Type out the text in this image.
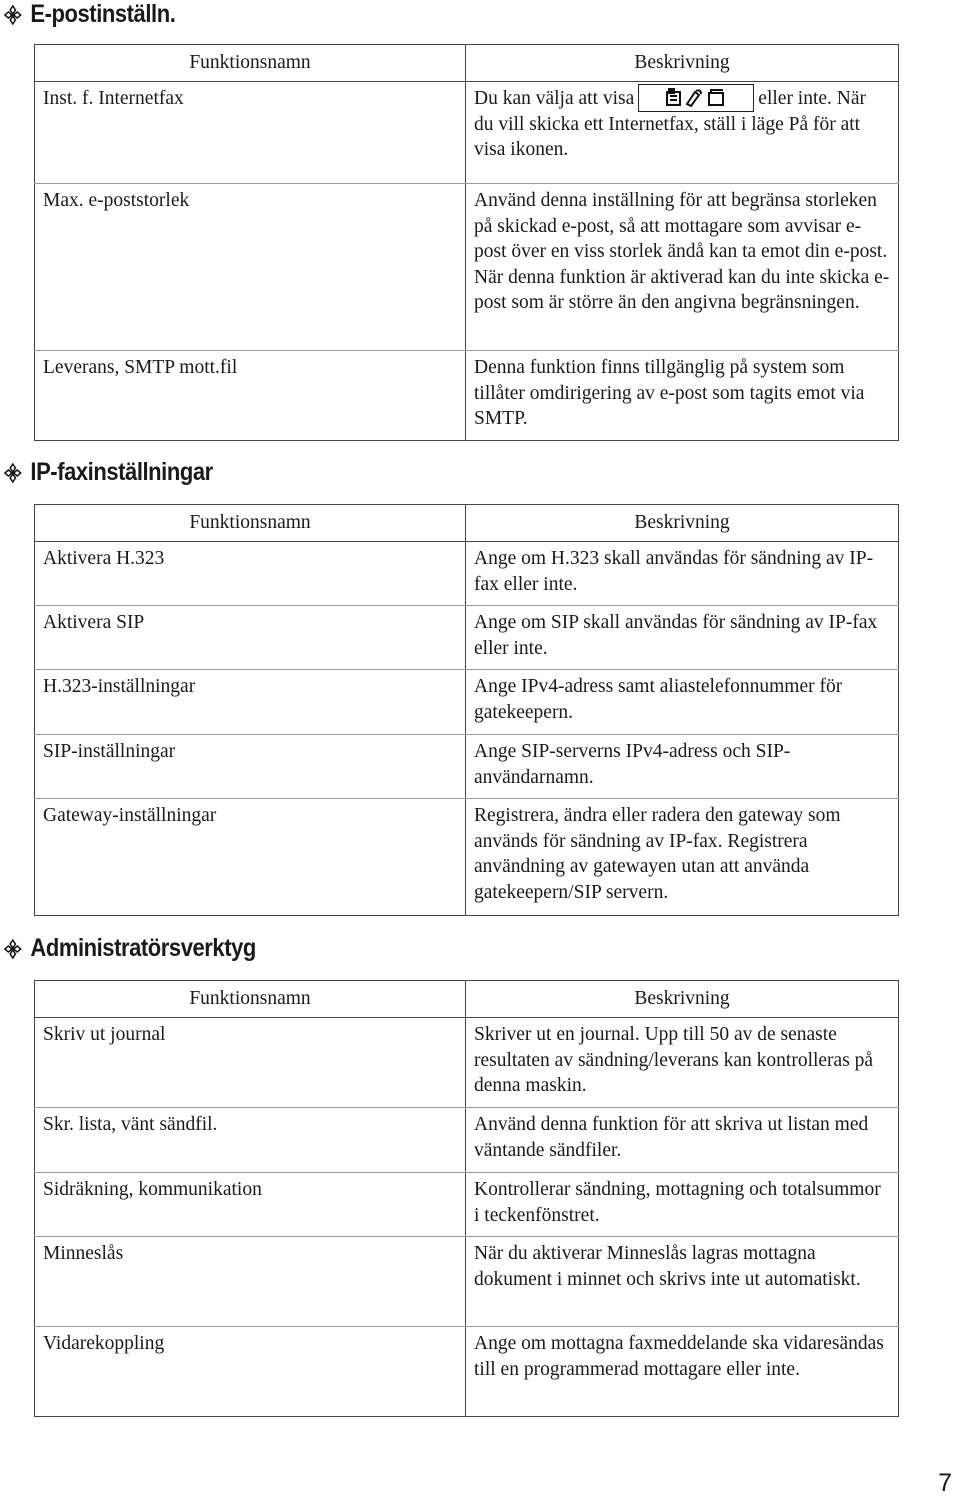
E-postinställn.
Funktionsnamn	Beskrivning
Inst. f. Internetfax	Du kan välja att visa eller inte. När du vill skicka ett Internetfax, ställ i läge På för att visa ikonen.
Max. e-poststorlek	Använd denna inställning för att begränsa storleken på skickad e-post, så att mottagare som avvisar e-post över en viss storlek ändå kan ta emot din e-post. När denna funktion är aktiverad kan du inte skicka e-post som är större än den angivna begränsningen.
Leverans, SMTP mott.fil	Denna funktion finns tillgänglig på system som tillåter omdirigering av e-post som tagits emot via SMTP.
IP-faxinställningar
Funktionsnamn	Beskrivning
Aktivera H.323	Ange om H.323 skall användas för sändning av IP-fax eller inte.
Aktivera SIP	Ange om SIP skall användas för sändning av IP-fax eller inte.
H.323-inställningar	Ange IPv4-adress samt aliastelefonnummer för gatekeepern.
SIP-inställningar	Ange SIP-serverns IPv4-adress och SIP-användarnamn.
Gateway-inställningar	Registrera, ändra eller radera den gateway som används för sändning av IP-fax. Registrera användning av gatewayen utan att använda gatekeepern/SIP servern.
Administratörsverktyg
Funktionsnamn	Beskrivning
Skriv ut journal	Skriver ut en journal. Upp till 50 av de senaste resultaten av sändning/leverans kan kontrolleras på denna maskin.
Skr. lista, vänt sändfil.	Använd denna funktion för att skriva ut listan med väntande sändfiler.
Sidräkning, kommunikation	Kontrollerar sändning, mottagning och totalsummor i teckenfönstret.
Minneslås	När du aktiverar Minneslås lagras mottagna dokument i minnet och skrivs inte ut automatiskt.
Vidarekoppling	Ange om mottagna faxmeddelande ska vidaresändas till en programmerad mottagare eller inte.
7
